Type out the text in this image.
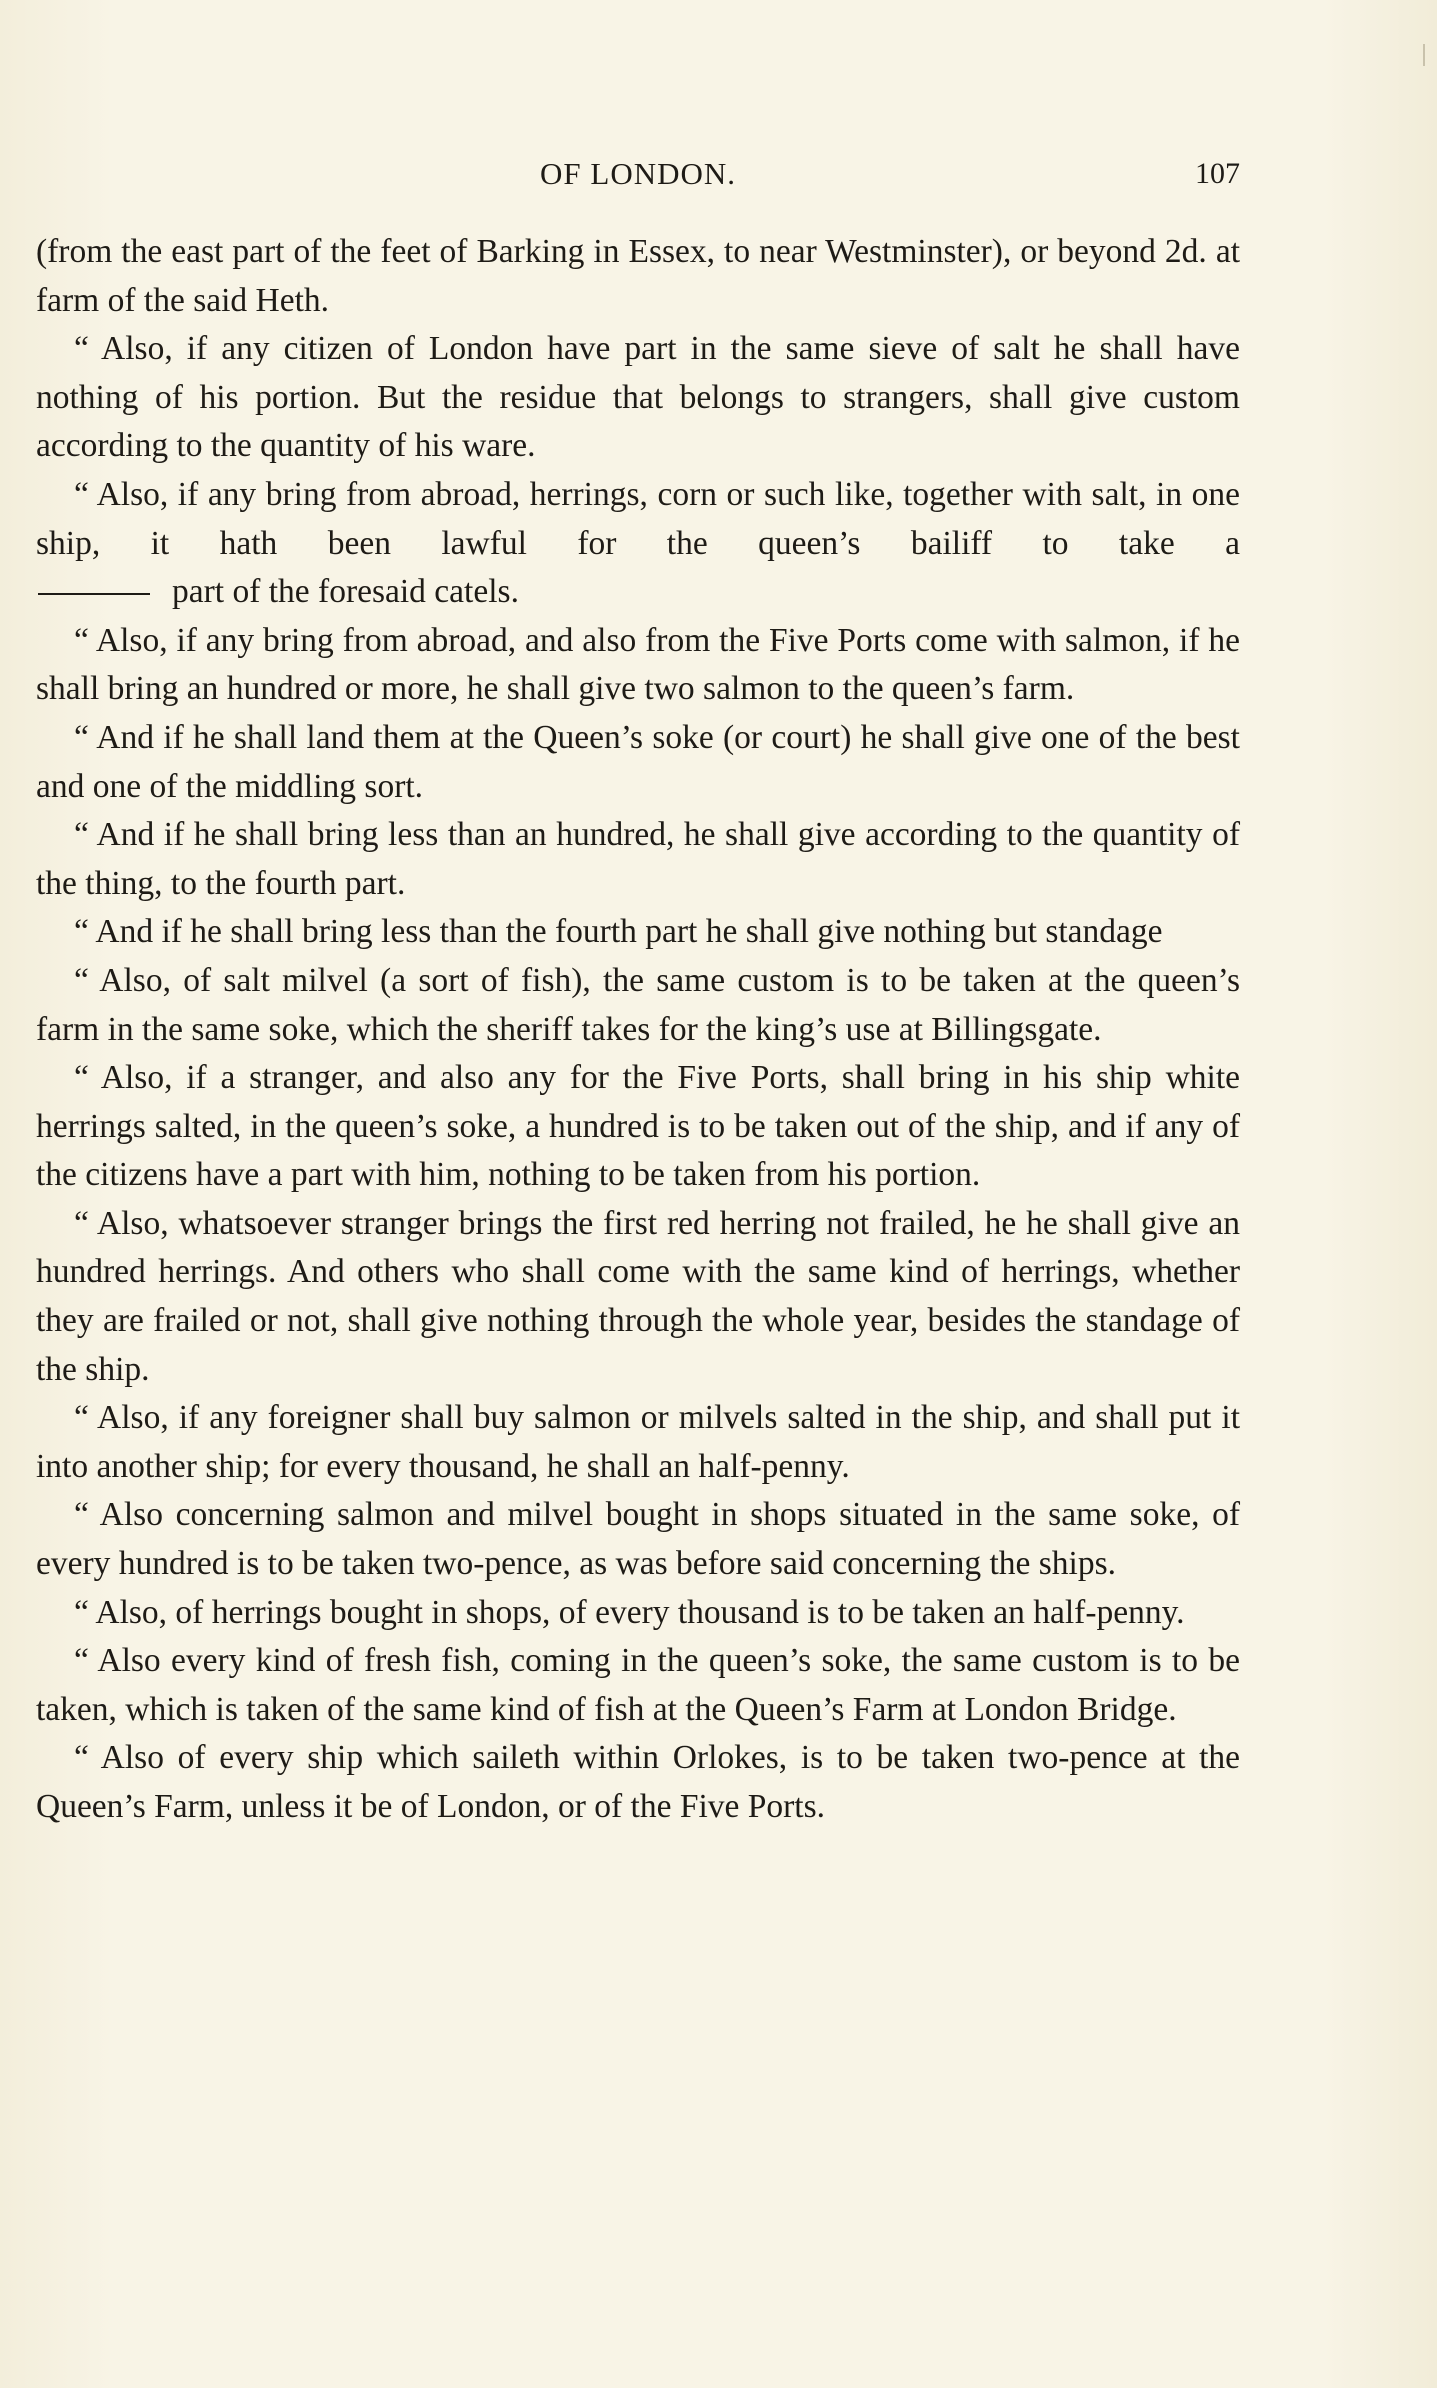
OF LONDON.	107

(from the east part of the feet of Barking in Essex, to near Westminster), or beyond 2d. at farm of the said Heth.

“ Also, if any citizen of London have part in the same sieve of salt he shall have nothing of his portion. But the residue that belongs to strangers, shall give custom according to the quantity of his ware.

“ Also, if any bring from abroad, herrings, corn or such like, together with salt, in one ship, it hath been lawful for the queen’s bailiff to take a

part of the foresaid catels.

“ Also, if any bring from abroad, and also from the Five Ports come with salmon, if he shall bring an hundred or more, he shall give two salmon to the queen’s farm.

“ And if he shall land them at the Queen’s soke (or court) he shall give one of the best and one of the middling sort.

“ And if he shall bring less than an hundred, he shall give according to the quantity of the thing, to the fourth part.

“ And if he shall bring less than the fourth part he shall give nothing but standage

“ Also, of salt milvel (a sort of fish), the same custom is to be taken at the queen’s farm in the same soke, which the sheriff takes for the king’s use at Billingsgate.

“ Also, if a stranger, and also any for the Five Ports, shall bring in his ship white herrings salted, in the queen’s soke, a hundred is to be taken out of the ship, and if any of the citizens have a part with him, nothing to be taken from his portion.

“ Also, whatsoever stranger brings the first red herring not frailed, he he shall give an hundred herrings. And others who shall come with the same kind of herrings, whether they are frailed or not, shall give nothing through the whole year, besides the standage of the ship.

“ Also, if any foreigner shall buy salmon or milvels salted in the ship, and shall put it into another ship; for every thousand, he shall an half-penny.

“ Also concerning salmon and milvel bought in shops situated in the same soke, of every hundred is to be taken two-pence, as was before said concerning the ships.

“ Also, of herrings bought in shops, of every thousand is to be taken an half-penny.

“ Also every kind of fresh fish, coming in the queen’s soke, the same custom is to be taken, which is taken of the same kind of fish at the Queen’s Farm at London Bridge.

“ Also of every ship which saileth within Orlokes, is to be taken two-pence at the Queen’s Farm, unless it be of London, or of the Five Ports.
